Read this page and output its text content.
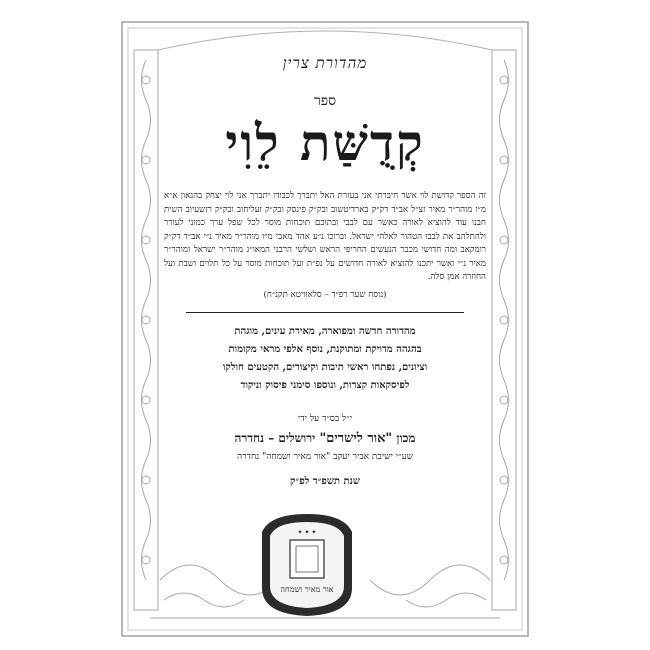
מהדורת צרין
ספר
קְדֻשַּׁת לֵוִי
זה הספר קדושת לוי אשר חיברתי אני בעזרת האל יתברך לכבודו יתברך אני לוי יצחק בהגאון א״א מ״ו מוהר״ר מאיר זצ״ל אב״ד דק״ק בארדיטשוב ובק״ק פינסק ובק״ק זעליחוב ובק״ק רזשעיוב השית חבנו עוד להוציא לאורה כאשר עם לבבי ובתוכם תוכחות מוסר לכל שפל ערך כמוני לעורר ולהתלהב את לבבו הטהור לאלהי ישראל. וברוכו נ״ע אהד מאבי מ״ו מוהר״ר מאיר נ״י אב״ד דק״ק רומקאב ומה חדושי מכבר הנעשים החריפי הראש ושלשי הרבני המאו״ג מוהר״ר ישראל ומוהר״ר מאיר נ״י ואשר יתכנו להוציא לאורה חדושים על נפ״ת ועל תוכחות מוסר על כל תלוים ושבת ועל החוזרה אמן סלה.
(נוסח שער רפ״ד – סלאוויטא תקנ״ח)
מהדורה חדשה ומפוארה, מאירת עינים, מוגהת
בהגהה מדויקת ומתוקנת, נוסף אלפי מראי מקומות
וציונים, נפתחו ראשי תיבות וקיצורים, הקטעים חולקו
לפיסקאות קצרות, ונוספו סימני פיסוק וניקוד
י״ל בס״ד על ידי
מכון "אור לישרים" ירושלים – נחדרה
שע״י ישיבת אביר יעקב "אור מאיר ושמחה" נחדרה
שנת תשפ״ד לפ״ק
אור מאיר ושמחה
✦ ✦ ✦
